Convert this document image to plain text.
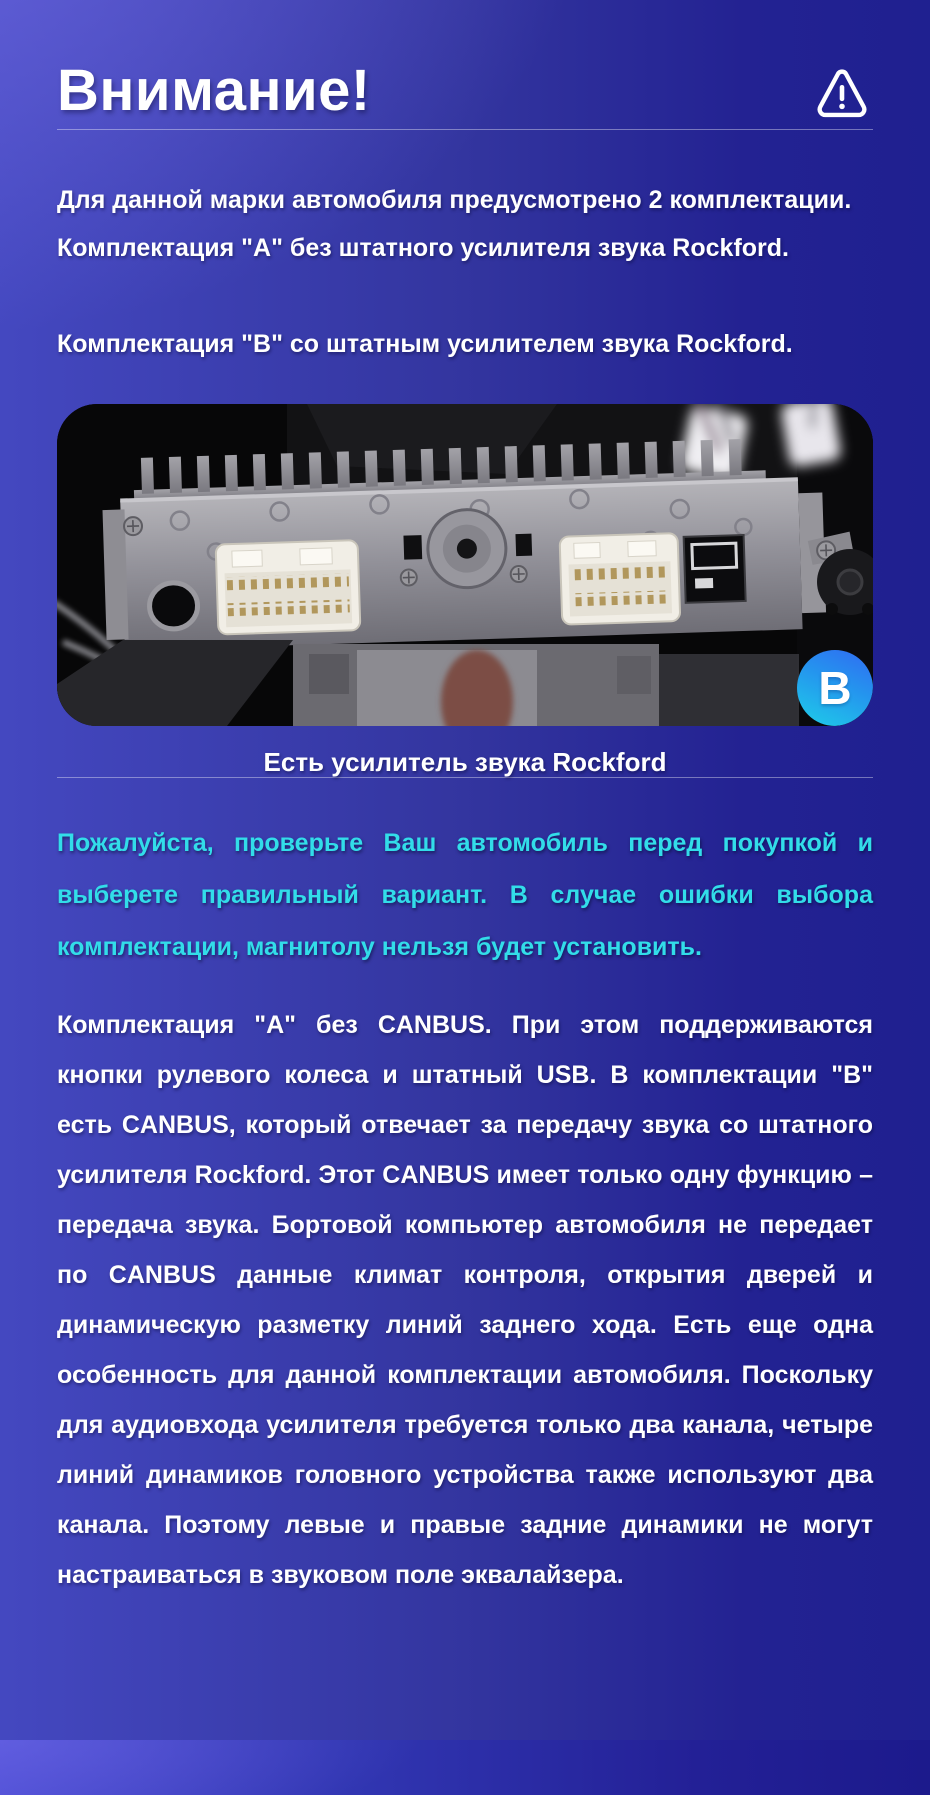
Внимание!

Для данной марки автомобиля предусмотрено 2 комплектации. Комплектация "A" без штатного усилителя звука Rockford.

Комплектация "B" со штатным усилителем звука Rockford.

B

Есть усилитель звука Rockford

Пожалуйста, проверьте Ваш автомобиль перед покупкой и выберете правильный вариант. В случае ошибки выбора комплектации, магнитолу нельзя будет установить.

Комплектация "A" без CANBUS. При этом поддерживаются кнопки рулевого колеса и штатный USB. В комплектации "B" есть CANBUS, который отвечает за передачу звука со штатного усилителя Rockford. Этот CANBUS имеет только одну функцию – передача звука. Бортовой компьютер автомобиля не передает по CANBUS данные климат контроля, открытия дверей и динамическую разметку линий заднего хода. Есть еще одна особенность для данной комплектации автомобиля. Поскольку для аудиовхода усилителя требуется только два канала, четыре линий динамиков головного устройства также используют два канала. Поэтому левые и правые задние динамики не могут настраиваться в звуковом поле эквалайзера.
